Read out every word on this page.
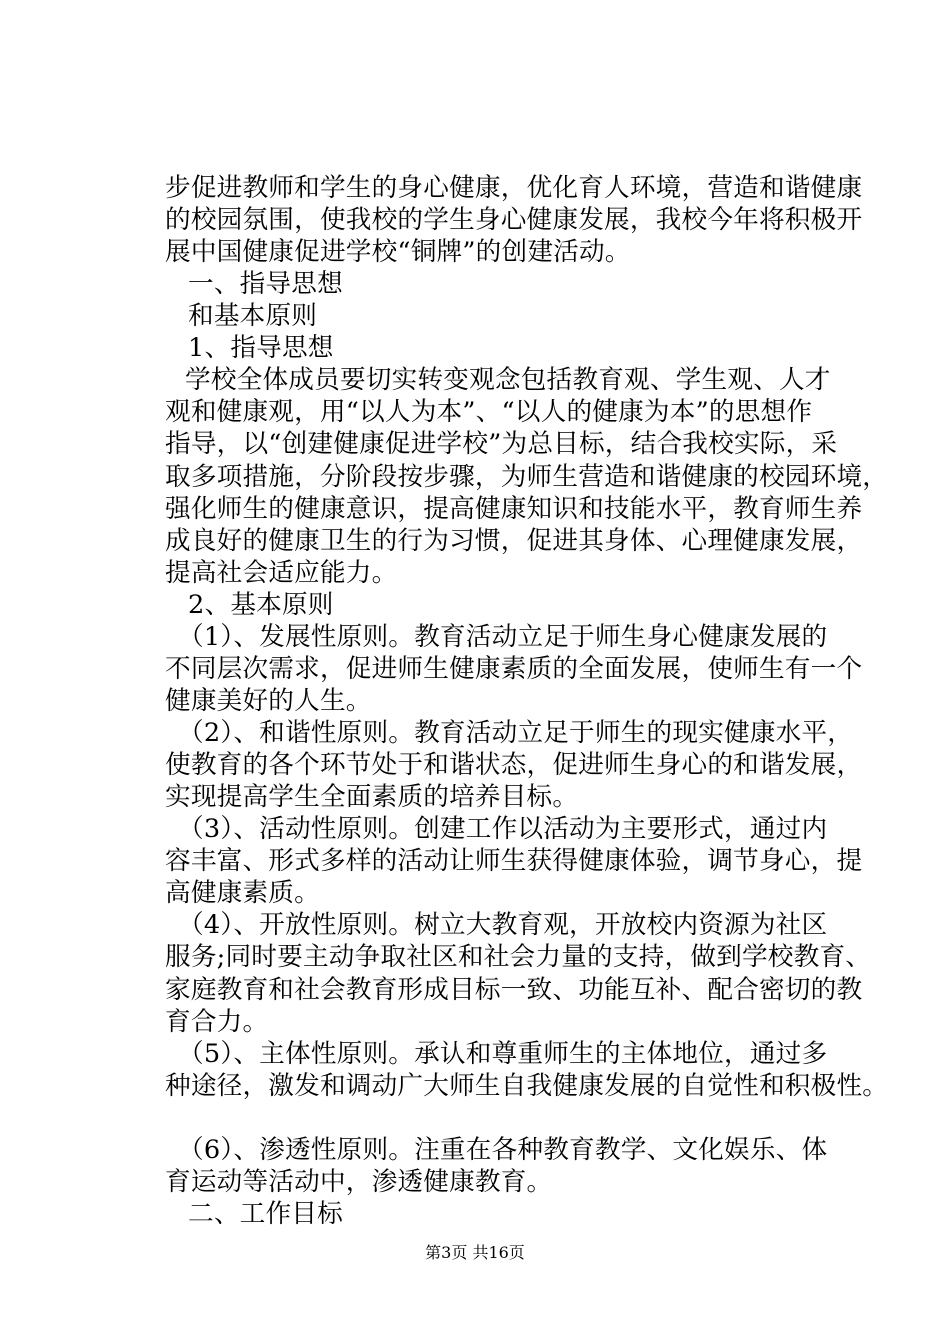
步促进教师和学生的身心健康，优化育人环境，营造和谐健康
的校园氛围，使我校的学生身心健康发展，我校今年将积极开
展中国健康促进学校“铜牌”的创建活动。
一、指导思想
和基本原则
1、指导思想
学校全体成员要切实转变观念包括教育观、学生观、人才
观和健康观，用“以人为本”、“以人的健康为本”的思想作
指导，以“创建健康促进学校”为总目标，结合我校实际，采
取多项措施，分阶段按步骤，为师生营造和谐健康的校园环境，
强化师生的健康意识，提高健康知识和技能水平，教育师生养
成良好的健康卫生的行为习惯，促进其身体、心理健康发展，
提高社会适应能力。
2、基本原则
（1）、发展性原则。教育活动立足于师生身心健康发展的
不同层次需求，促进师生健康素质的全面发展，使师生有一个
健康美好的人生。
（2）、和谐性原则。教育活动立足于师生的现实健康水平，
使教育的各个环节处于和谐状态，促进师生身心的和谐发展，
实现提高学生全面素质的培养目标。
（3）、活动性原则。创建工作以活动为主要形式，通过内
容丰富、形式多样的活动让师生获得健康体验，调节身心，提
高健康素质。
（4）、开放性原则。树立大教育观，开放校内资源为社区
服务;同时要主动争取社区和社会力量的支持，做到学校教育、
家庭教育和社会教育形成目标一致、功能互补、配合密切的教
育合力。
（5）、主体性原则。承认和尊重师生的主体地位，通过多
种途径，激发和调动广大师生自我健康发展的自觉性和积极性。
（6）、渗透性原则。注重在各种教育教学、文化娱乐、体
育运动等活动中，渗透健康教育。
二、工作目标
第3页 共16页
